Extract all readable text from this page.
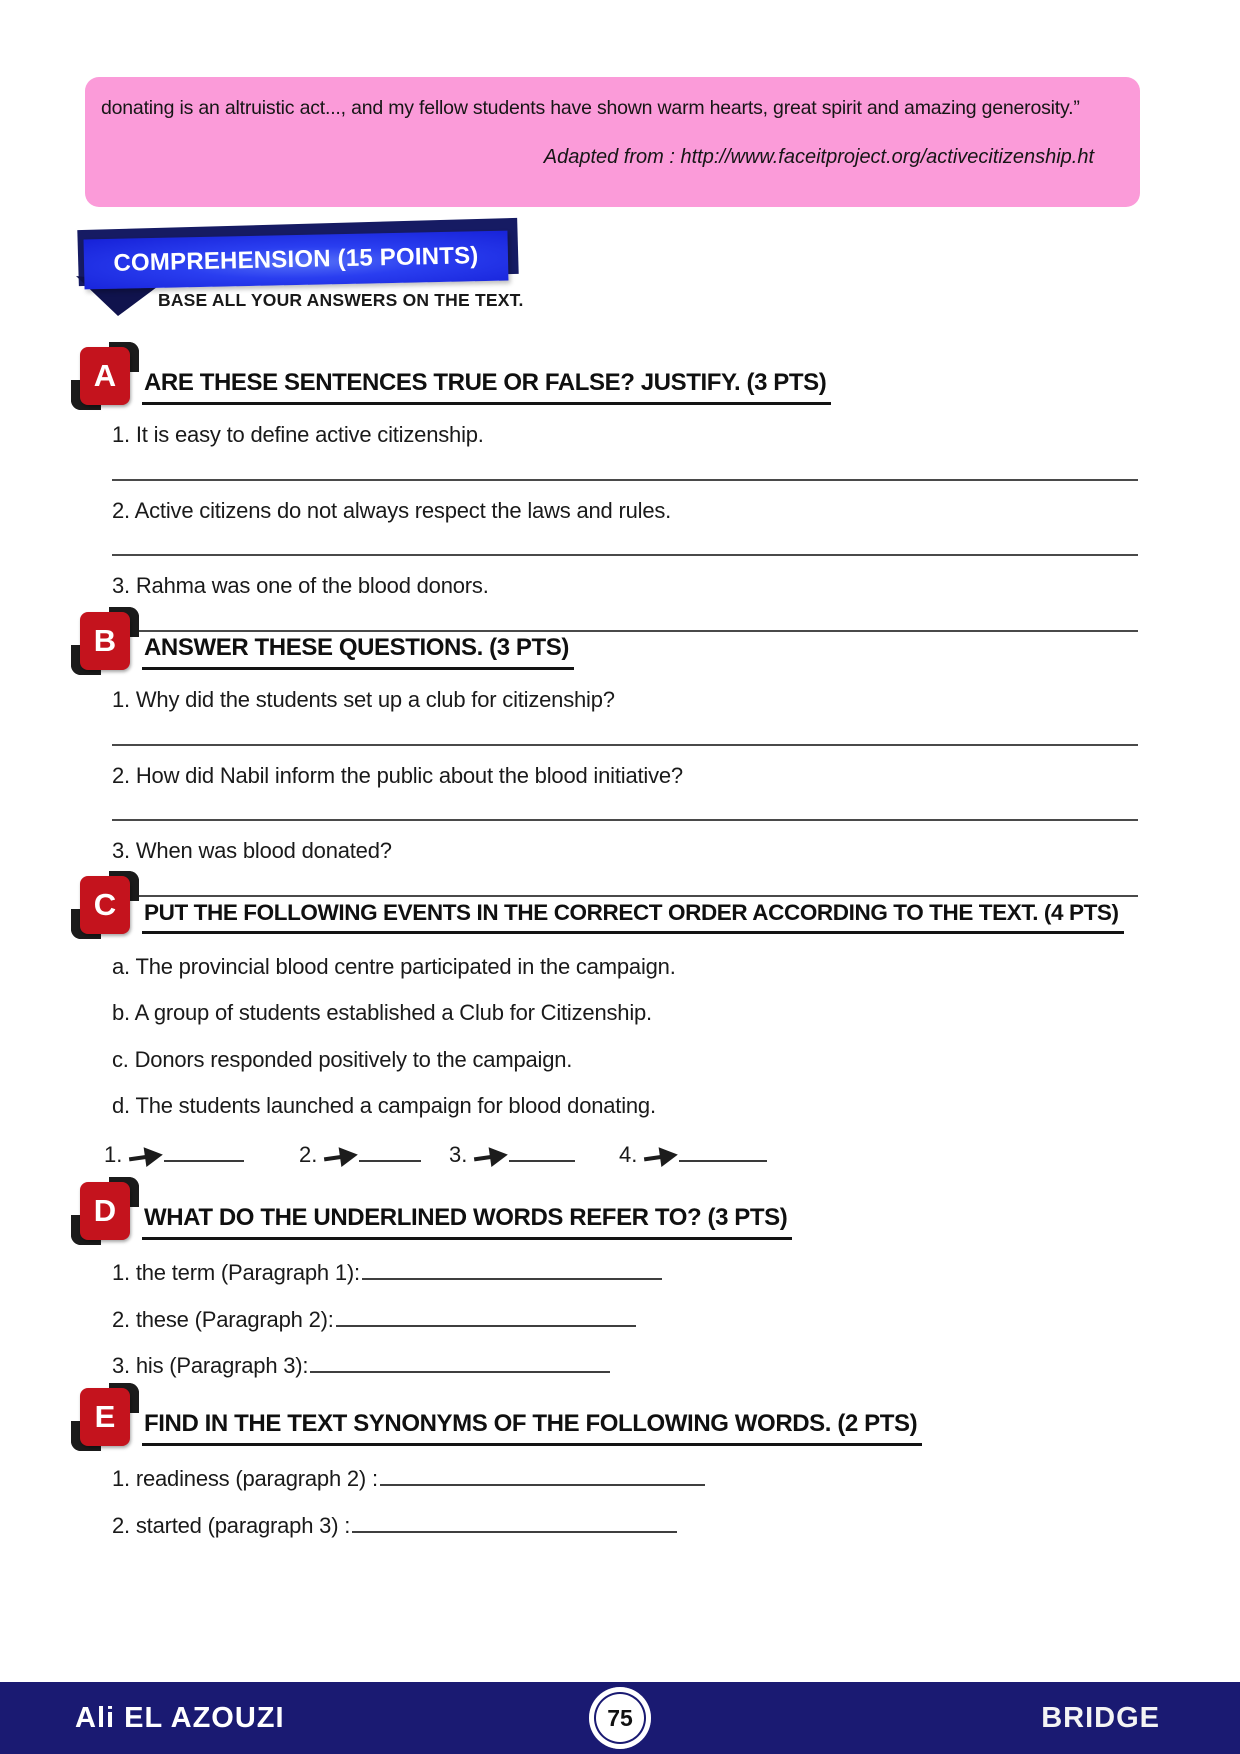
donating is an altruistic act..., and my fellow students have shown warm hearts, great spirit and amazing generosity.”
Adapted from : http://www.faceitproject.org/activecitizenship.ht
COMPREHENSION (15 POINTS)
BASE ALL YOUR ANSWERS ON THE TEXT.
A	ARE THESE SENTENCES TRUE OR FALSE? JUSTIFY. (3 PTS)

1. It is easy to define active citizenship.

2. Active citizens do not always respect the laws and rules.

3. Rahma was one of the blood donors.

B	ANSWER THESE QUESTIONS. (3 PTS)

1. Why did the students set up a club for citizenship?

2. How did Nabil inform the public about the blood initiative?

3. When was blood donated?

C	PUT THE FOLLOWING EVENTS IN THE CORRECT ORDER ACCORDING TO THE TEXT. (4 PTS)

a. The provincial blood centre participated in the campaign.

b. A group of students established a Club for Citizenship.

c. Donors responded positively to the campaign.

d. The students launched a campaign for blood donating.

1.	2.	3.	4.
D	WHAT DO THE UNDERLINED WORDS REFER TO? (3 PTS)
1. the term (Paragraph 1):
2. these (Paragraph 2):
3. his (Paragraph 3):
E	FIND IN THE TEXT SYNONYMS OF THE FOLLOWING WORDS. (2 PTS)
1. readiness (paragraph 2) :
2. started (paragraph 3) :
Ali EL AZOUZI	75	BRIDGE
